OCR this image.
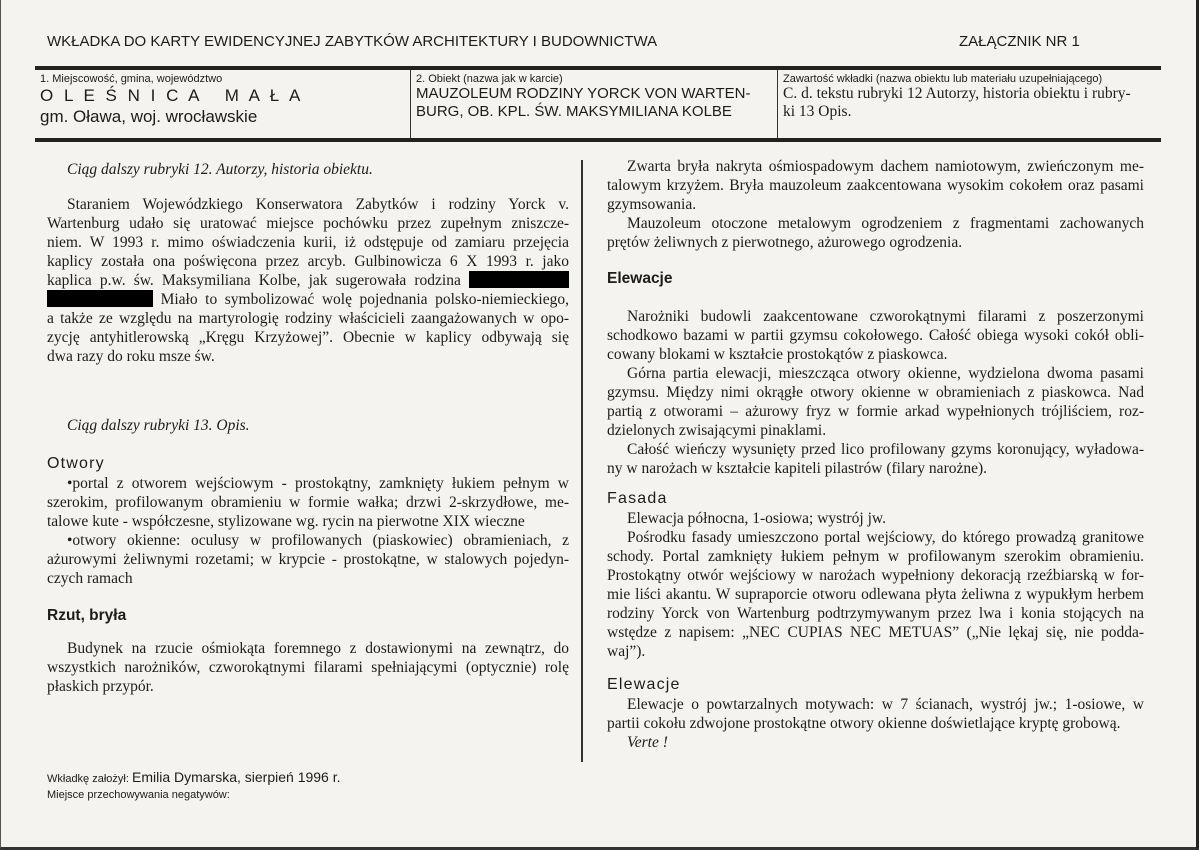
WKŁADKA DO KARTY EWIDENCYJNEJ ZABYTKÓW ARCHITEKTURY I BUDOWNICTWA	ZAŁĄCZNIK NR 1
1. Miejscowość, gmina, województwo
O L E Ś N I C A   M A Ł A
gm. Oława, woj. wrocławskie
2. Obiekt (nazwa jak w karcie)
MAUZOLEUM RODZINY YORCK VON WARTEN-
BURG, OB. KPL. ŚW. MAKSYMILIANA KOLBE
Zawartość wkładki (nazwa obiektu lub materiału uzupełniającego)
C. d. tekstu rubryki 12 Autorzy, historia obiektu i rubry-
ki 13 Opis.
Ciąg dalszy rubryki 12. Autorzy, historia obiektu.
Staraniem Wojewódzkiego Konserwatora Zabytków i rodziny Yorck v.
Wartenburg udało się uratować miejsce pochówku przez zupełnym zniszcze-
niem. W 1993 r. mimo oświadczenia kurii, iż odstępuje od zamiaru przejęcia
kaplicy została ona poświęcona przez arcyb. Gulbinowicza 6 X 1993 r. jako
kaplica p.w. św. Maksymiliana Kolbe, jak sugerowała rodzina
Miało to symbolizować wolę pojednania polsko-niemieckiego,
a także ze względu na martyrologię rodziny właścicieli zaangażowanych w opo-
zycję antyhitlerowską „Kręgu Krzyżowej”. Obecnie w kaplicy odbywają się
dwa razy do roku msze św.
Ciąg dalszy rubryki 13. Opis.
Otwory
•portal z otworem wejściowym - prostokątny, zamknięty łukiem pełnym w
szerokim, profilowanym obramieniu w formie wałka; drzwi 2-skrzydłowe, me-
talowe kute - współczesne, stylizowane wg. rycin na pierwotne XIX wieczne
•otwory okienne: oculusy w profilowanych (piaskowiec) obramieniach, z
ażurowymi żeliwnymi rozetami; w krypcie - prostokątne, w stalowych pojedyn-
czych ramach
Rzut, bryła
Budynek na rzucie ośmiokąta foremnego z dostawionymi na zewnątrz, do
wszystkich narożników, czworokątnymi filarami spełniającymi (optycznie) rolę
płaskich przypór.
Zwarta bryła nakryta ośmiospadowym dachem namiotowym, zwieńczonym me-
talowym krzyżem. Bryła mauzoleum zaakcentowana wysokim cokołem oraz pasami
gzymsowania.
Mauzoleum otoczone metalowym ogrodzeniem z fragmentami zachowanych
prętów żeliwnych z pierwotnego, ażurowego ogrodzenia.
Elewacje
Narożniki budowli zaakcentowane czworokątnymi filarami z poszerzonymi
schodkowo bazami w partii gzymsu cokołowego. Całość obiega wysoki cokół obli-
cowany blokami w kształcie prostokątów z piaskowca.
Górna partia elewacji, mieszcząca otwory okienne, wydzielona dwoma pasami
gzymsu. Między nimi okrągłe otwory okienne w obramieniach z piaskowca. Nad
partią z otworami – ażurowy fryz w formie arkad wypełnionych trójliściem, roz-
dzielonych zwisającymi pinaklami.
Całość wieńczy wysunięty przed lico profilowany gzyms koronujący, wyładowa-
ny w narożach w kształcie kapiteli pilastrów (filary narożne).
Fasada
Elewacja północna, 1-osiowa; wystrój jw.
Pośrodku fasady umieszczono portal wejściowy, do którego prowadzą granitowe
schody. Portal zamknięty łukiem pełnym w profilowanym szerokim obramieniu.
Prostokątny otwór wejściowy w narożach wypełniony dekoracją rzeźbiarską w for-
mie liści akantu. W supraporcie otworu odlewana płyta żeliwna z wypukłym herbem
rodziny Yorck von Wartenburg podtrzymywanym przez lwa i konia stojących na
wstędze z napisem: „NEC CUPIAS NEC METUAS” („Nie lękaj się, nie podda-
waj”).
Elewacje
Elewacje o powtarzalnych motywach: w 7 ścianach, wystrój jw.; 1-osiowe, w
partii cokołu zdwojone prostokątne otwory okienne doświetlające kryptę grobową.
Verte !
Wkładkę założył: Emilia Dymarska, sierpień 1996 r.
Miejsce przechowywania negatywów:
